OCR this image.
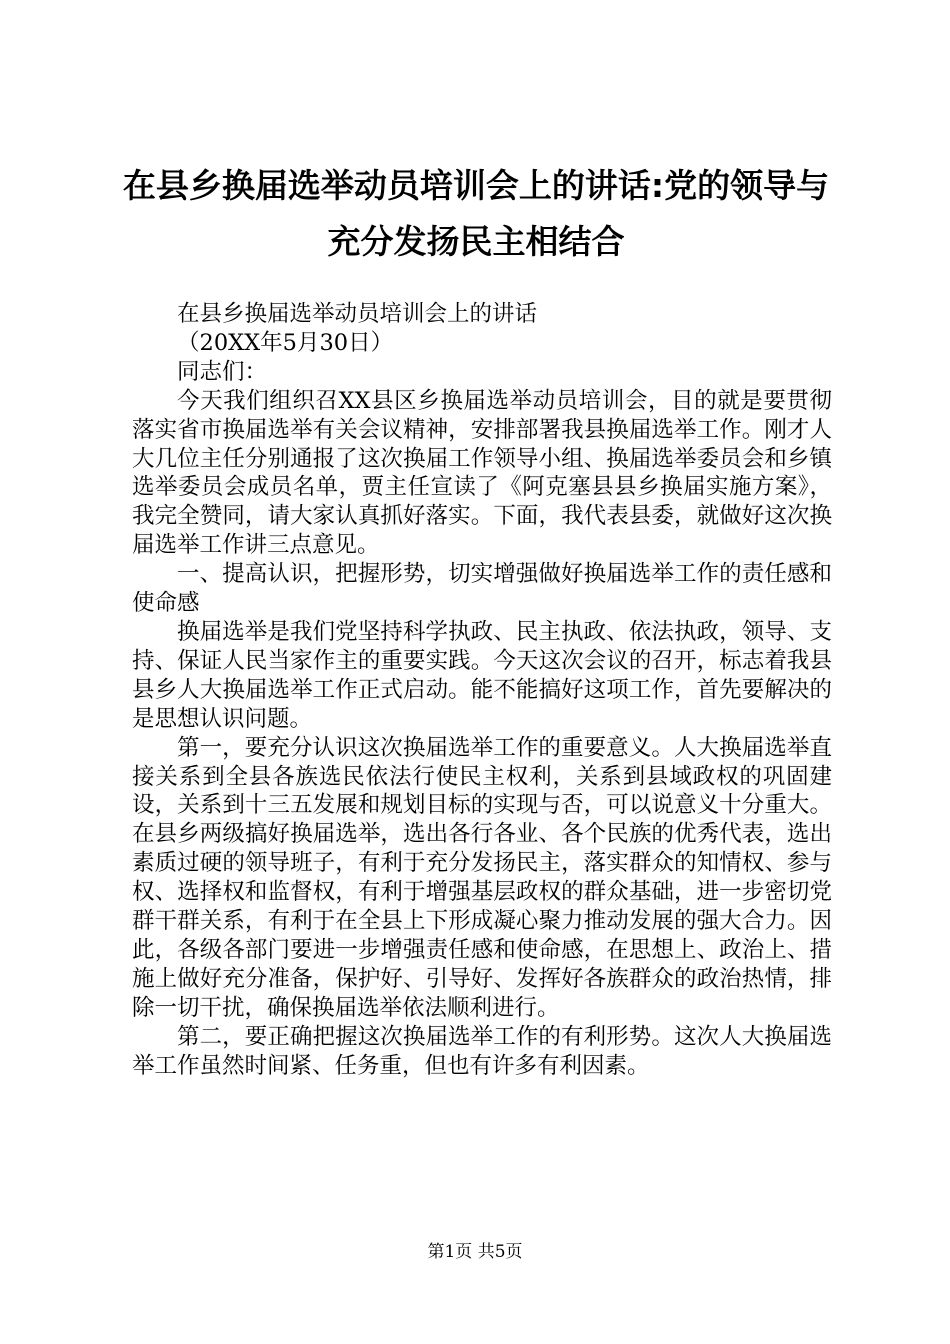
在县乡换届选举动员培训会上的讲话:党的领导与充分发扬民主相结合

在县乡换届选举动员培训会上的讲话

（20XX年5月30日）

同志们：

今天我们组织召XX县区乡换届选举动员培训会，目的就是要贯彻落实省市换届选举有关会议精神，安排部署我县换届选举工作。刚才人大几位主任分别通报了这次换届工作领导小组、换届选举委员会和乡镇选举委员会成员名单，贾主任宣读了《阿克塞县县乡换届实施方案》，我完全赞同，请大家认真抓好落实。下面，我代表县委，就做好这次换届选举工作讲三点意见。

一、提高认识，把握形势，切实增强做好换届选举工作的责任感和使命感

换届选举是我们党坚持科学执政、民主执政、依法执政，领导、支持、保证人民当家作主的重要实践。今天这次会议的召开，标志着我县县乡人大换届选举工作正式启动。能不能搞好这项工作，首先要解决的是思想认识问题。

第一，要充分认识这次换届选举工作的重要意义。人大换届选举直接关系到全县各族选民依法行使民主权利，关系到县域政权的巩固建设，关系到十三五发展和规划目标的实现与否，可以说意义十分重大。在县乡两级搞好换届选举，选出各行各业、各个民族的优秀代表，选出素质过硬的领导班子，有利于充分发扬民主，落实群众的知情权、参与权、选择权和监督权，有利于增强基层政权的群众基础，进一步密切党群干群关系，有利于在全县上下形成凝心聚力推动发展的强大合力。因此，各级各部门要进一步增强责任感和使命感，在思想上、政治上、措施上做好充分准备，保护好、引导好、发挥好各族群众的政治热情，排除一切干扰，确保换届选举依法顺利进行。

第二，要正确把握这次换届选举工作的有利形势。这次人大换届选举工作虽然时间紧、任务重，但也有许多有利因素。

第1页 共5页
